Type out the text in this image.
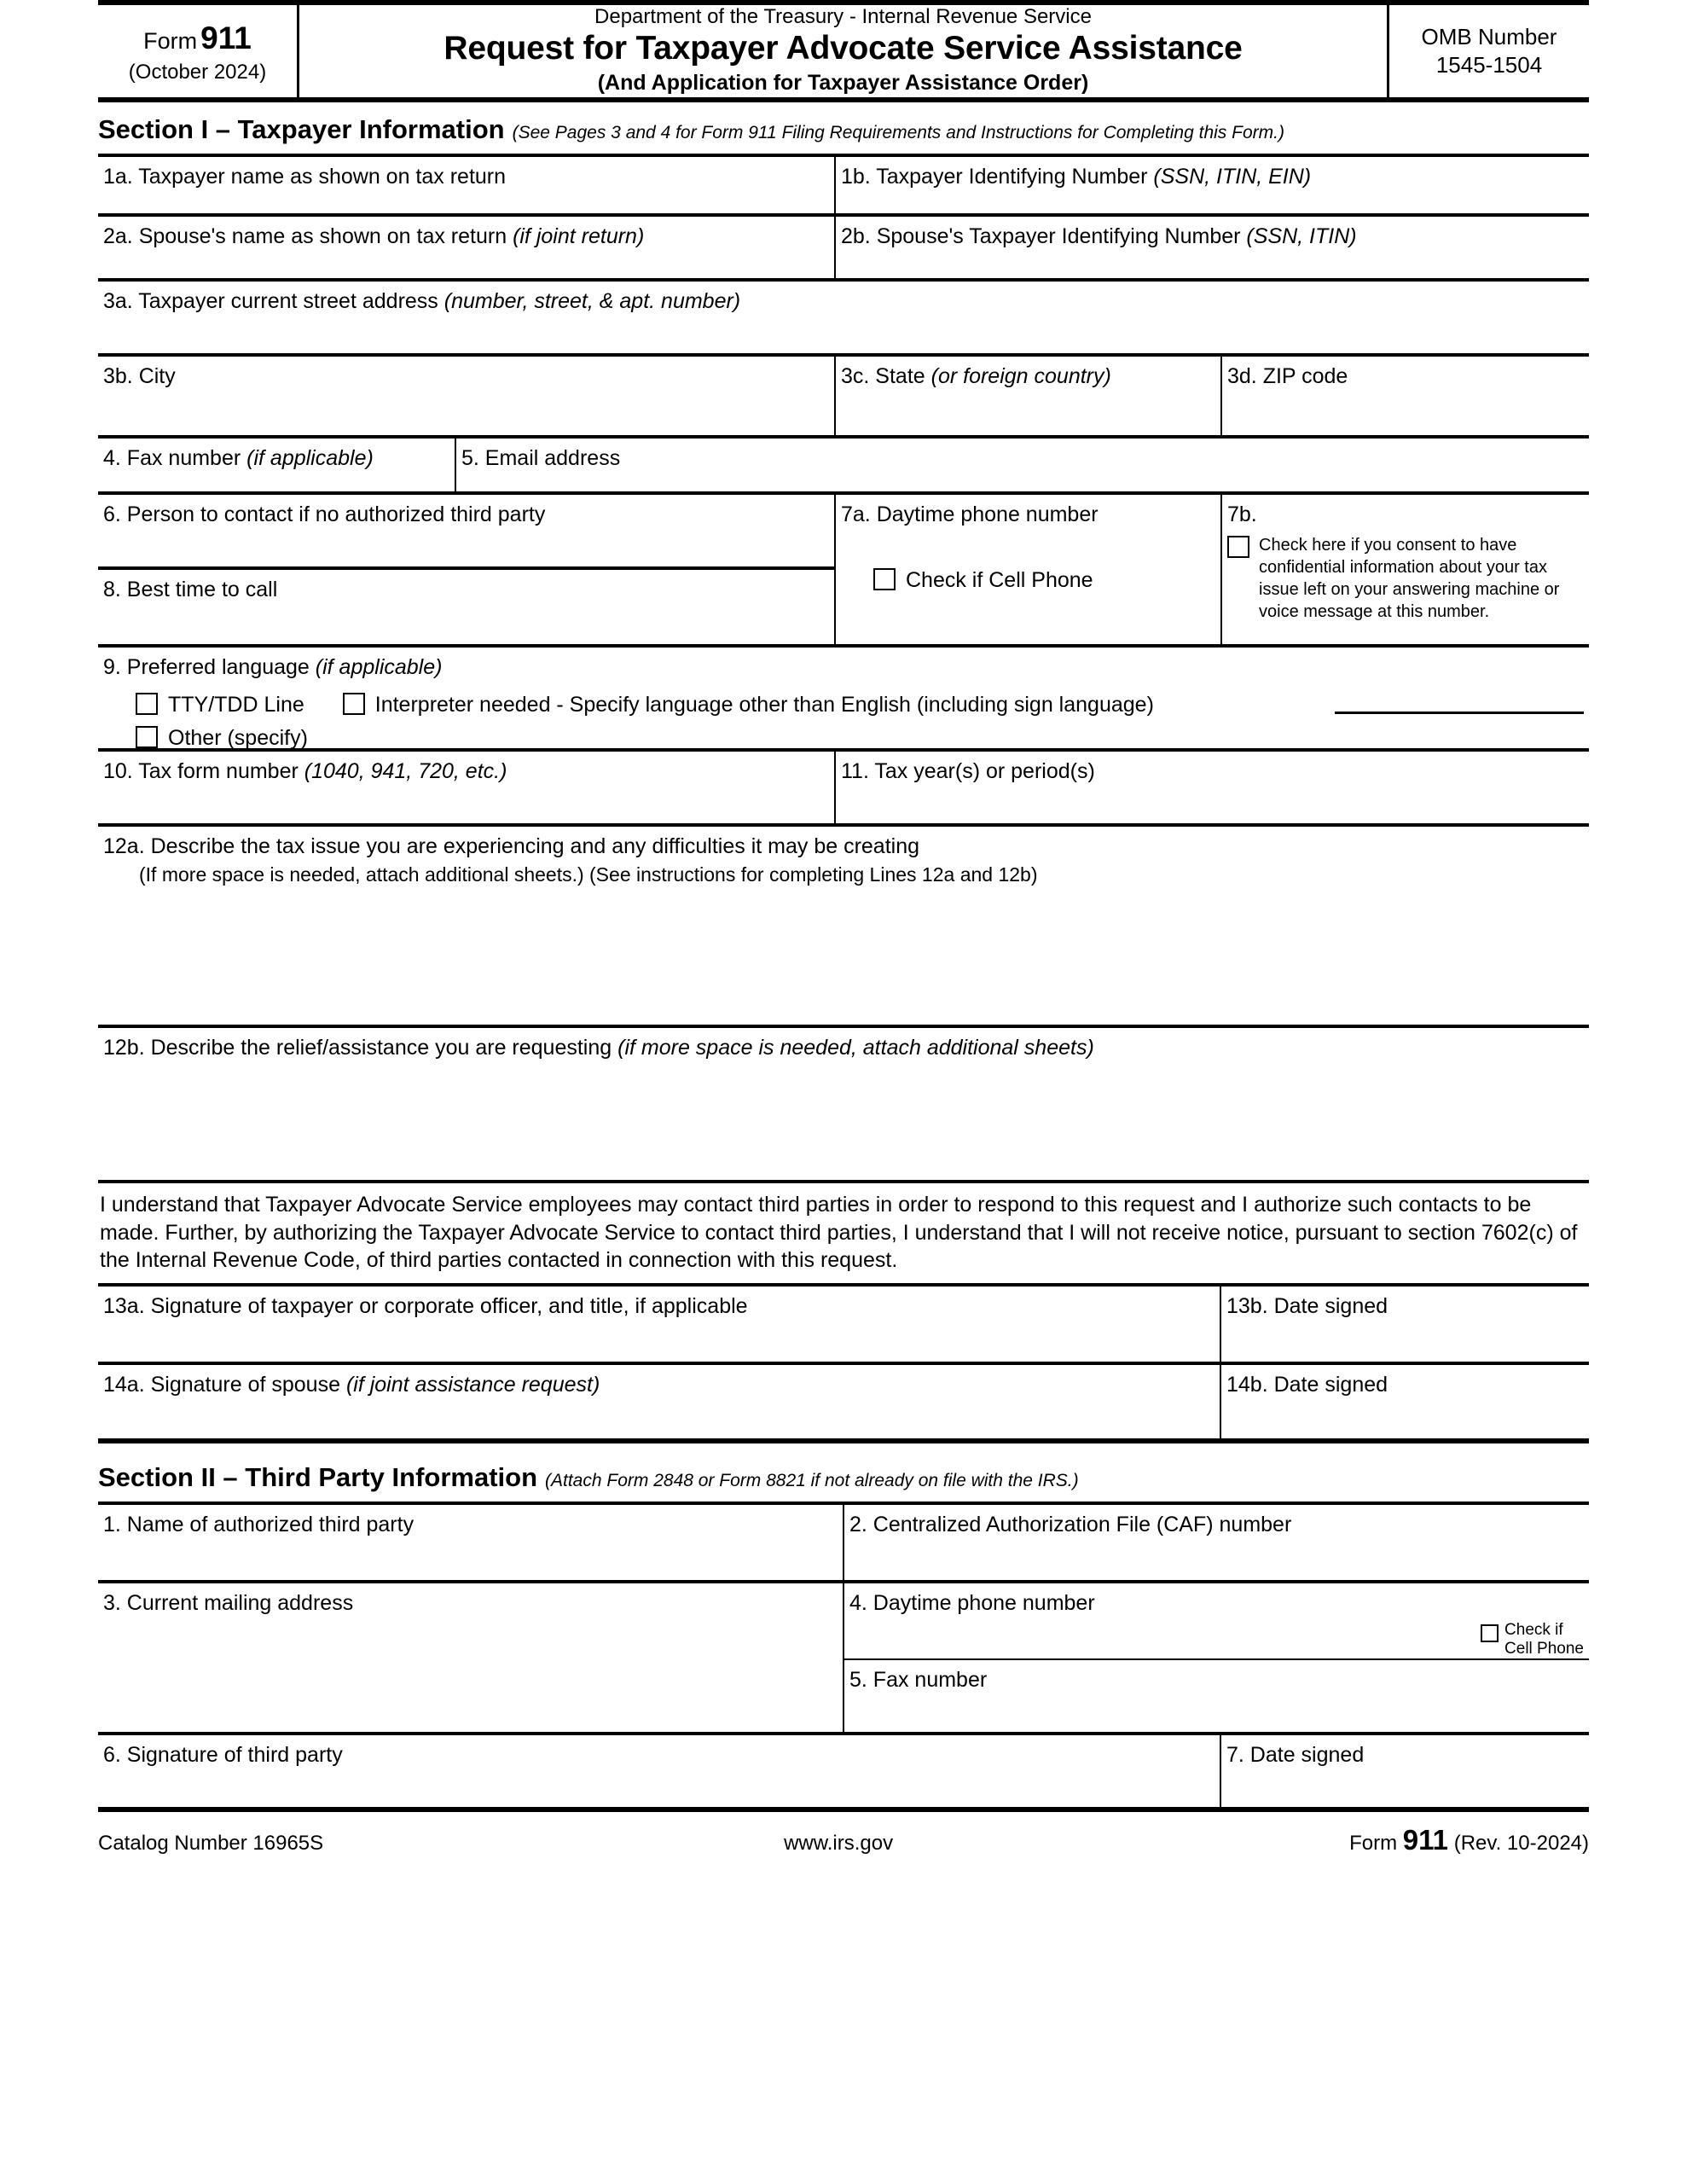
Form 911
(October 2024)
Department of the Treasury - Internal Revenue Service
Request for Taxpayer Advocate Service Assistance
(And Application for Taxpayer Assistance Order)
OMB Number
1545-1504
Section I – Taxpayer Information (See Pages 3 and 4 for Form 911 Filing Requirements and Instructions for Completing this Form.)
1a. Taxpayer name as shown on tax return	1b. Taxpayer Identifying Number (SSN, ITIN, EIN)
2a. Spouse's name as shown on tax return (if joint return)	2b. Spouse's Taxpayer Identifying Number (SSN, ITIN)
3a. Taxpayer current street address (number, street, & apt. number)
3b. City	3c. State (or foreign country)	3d. ZIP code
4. Fax number (if applicable)	5. Email address
6. Person to contact if no authorized third party
8. Best time to call
7a. Daytime phone number
Check if Cell Phone
7b.
Check here if you consent to have confidential information about your tax issue left on your answering machine or voice message at this number.
9. Preferred language (if applicable)
TTY/TDD Line	Interpreter needed - Specify language other than English (including sign language)
Other (specify)
10. Tax form number (1040, 941, 720, etc.)	11. Tax year(s) or period(s)
12a. Describe the tax issue you are experiencing and any difficulties it may be creating
(If more space is needed, attach additional sheets.) (See instructions for completing Lines 12a and 12b)
12b. Describe the relief/assistance you are requesting (if more space is needed, attach additional sheets)
I understand that Taxpayer Advocate Service employees may contact third parties in order to respond to this request and I authorize such contacts to be made. Further, by authorizing the Taxpayer Advocate Service to contact third parties, I understand that I will not receive notice, pursuant to section 7602(c) of the Internal Revenue Code, of third parties contacted in connection with this request.
13a. Signature of taxpayer or corporate officer, and title, if applicable	13b. Date signed
14a. Signature of spouse (if joint assistance request)	14b. Date signed
Section II – Third Party Information (Attach Form 2848 or Form 8821 if not already on file with the IRS.)
1. Name of authorized third party	2. Centralized Authorization File (CAF) number
3. Current mailing address	4. Daytime phone number
Check if
Cell Phone
5. Fax number
6. Signature of third party	7. Date signed
Catalog Number 16965S	www.irs.gov	Form 911 (Rev. 10-2024)
